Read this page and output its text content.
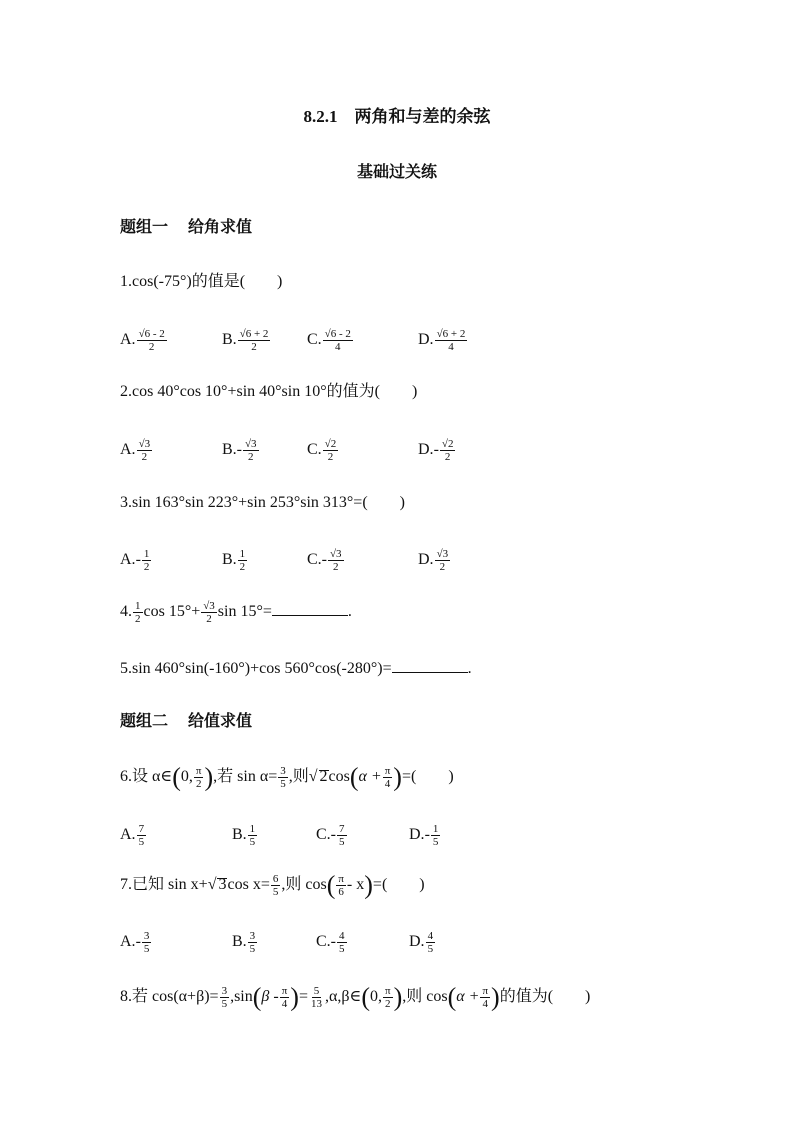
8.2.1　两角和与差的余弦
基础过关练
题组一 给角求值
1.cos(-75°)的值是(　　)
A. $\frac{√6 - 2}{2}$	B. $\frac{√6 + 2}{2} C$. $\frac{√6 - 2}{4}$	D. $\frac{√6 + 2}{4}$
2.cos 40°cos 10°+sin 40°sin 10°的值为(　　)
A. $\frac{√3}{2}$	$B.- \frac{√3}{2}$	C. $\frac{√2}{2}$	$D.- \frac{√2}{2}$
3.sin 163°sin 223°+sin 253°sin 313°=(　　)
$A.- \frac{1}{2}$	B. $\frac{1}{2}$	$C.- \frac{√3}{2}$	D. $\frac{√3}{2}$
4. $\frac{1}{2}$ $\cos 15^\circ+ \frac{√3}{2}$ sin 15°=	.
5.sin 460°sin(-160°)+cos 560°cos(-280°)=	.
题组二 给值求值
6.设 α∈(0, $\frac{\pi}{2}$ ),若 $\sin \alpha= \frac{3}{5}$ ,则√ $2\cos(\alpha + \frac{\pi}{4}$ )=(　　)
A. $\frac{7}{5}$	B. $\frac{1}{5}$	$C.- \frac{7}{5}$	$D.- \frac{1}{5}$
7.已知 sin x+√ 3cos $x= \frac{6}{5}$ ,则 $\cos( \frac{\pi}{6} - x)=$(　　)
$A.- \frac{3}{5}$	B. $\frac{3}{5}$	$C.- \frac{4}{5}$	D. $\frac{4}{5}$
8.若 $\cos(\alpha+\beta)= \frac{3}{5} ,\sin(\beta - \frac{\pi}{4}$ )= $\frac{5}{13}$ ,α,β∈(0, $\frac{\pi}{2}$ ),则 $\cos(\alpha + \frac{\pi}{4}$ )的值为(　　)
